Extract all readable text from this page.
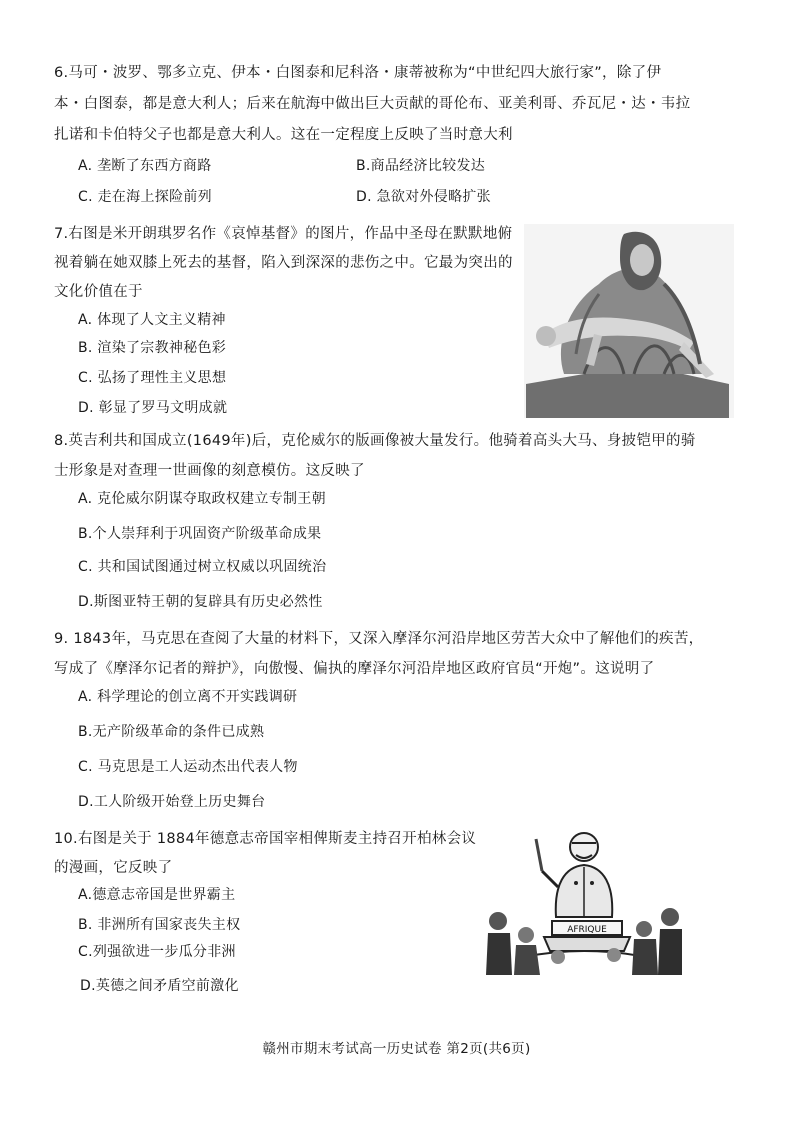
6.马可・波罗、鄂多立克、伊本・白图泰和尼科洛・康蒂被称为“中世纪四大旅行家”，除了伊
本・白图泰，都是意大利人；后来在航海中做出巨大贡献的哥伦布、亚美利哥、乔瓦尼・达・韦拉
扎诺和卡伯特父子也都是意大利人。这在一定程度上反映了当时意大利
A. 垄断了东西方商路	B.商品经济比较发达
C. 走在海上探险前列	D. 急欲对外侵略扩张
7.右图是米开朗琪罗名作《哀悼基督》的图片，作品中圣母在默默地俯
视着躺在她双膝上死去的基督，陷入到深深的悲伤之中。它最为突出的
文化价值在于
A. 体现了人文主义精神
B. 渲染了宗教神秘色彩
C. 弘扬了理性主义思想
D. 彰显了罗马文明成就
8.英吉利共和国成立(1649年)后，克伦威尔的版画像被大量发行。他骑着高头大马、身披铠甲的骑
士形象是对查理一世画像的刻意模仿。这反映了
A. 克伦威尔阴谋夺取政权建立专制王朝
B.个人崇拜利于巩固资产阶级革命成果
C. 共和国试图通过树立权威以巩固统治
D.斯图亚特王朝的复辟具有历史必然性
9. 1843年，马克思在查阅了大量的材料下，又深入摩泽尔河沿岸地区劳苦大众中了解他们的疾苦，
写成了《摩泽尔记者的辩护》，向傲慢、偏执的摩泽尔河沿岸地区政府官员“开炮”。这说明了
A. 科学理论的创立离不开实践调研
B.无产阶级革命的条件已成熟
C. 马克思是工人运动杰出代表人物
D.工人阶级开始登上历史舞台
10.右图是关于 1884年德意志帝国宰相俾斯麦主持召开柏林会议
的漫画，它反映了
A.德意志帝国是世界霸主
B. 非洲所有国家丧失主权
C.列强欲进一步瓜分非洲
D.英德之间矛盾空前激化
AFRIQUE
赣州市期末考试高一历史试卷 第2页(共6页)
